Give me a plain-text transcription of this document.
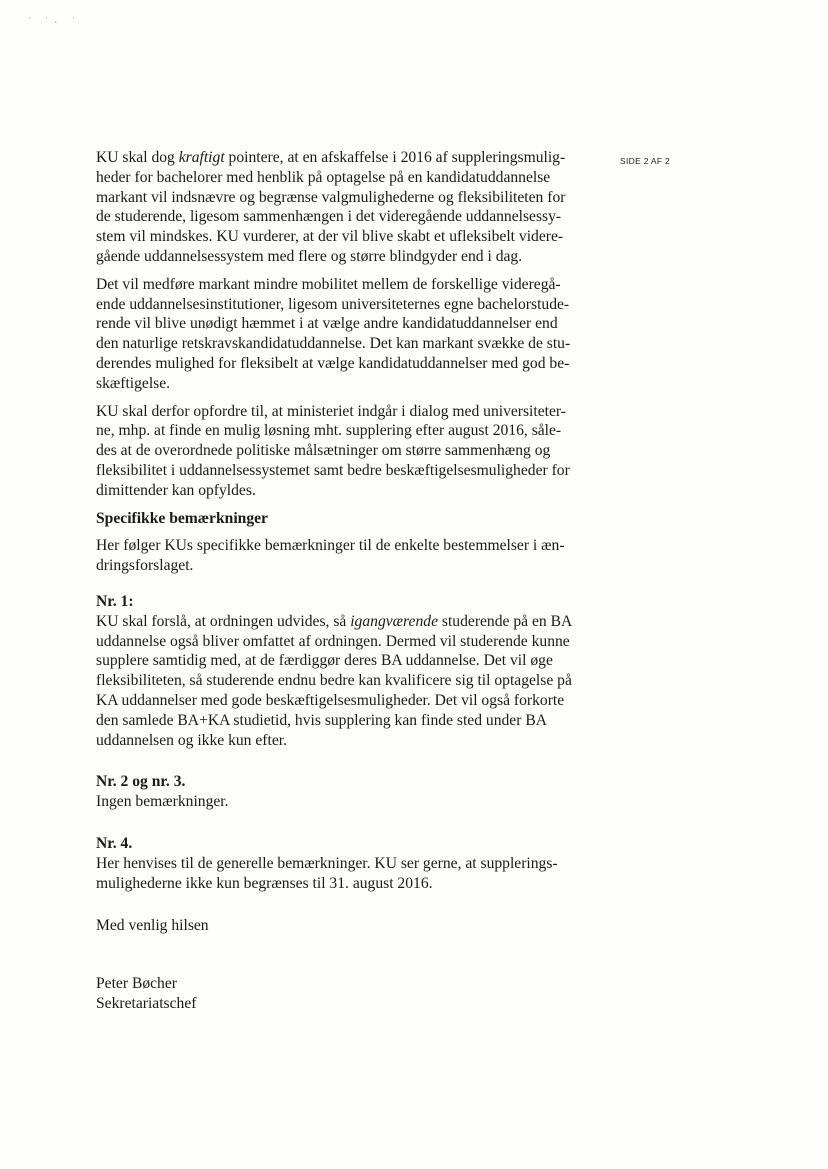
· ·˛ ·
SIDE 2 AF 2
KU skal dog kraftigt pointere, at en afskaffelse i 2016 af suppleringsmulig-
heder for bachelorer med henblik på optagelse på en kandidatuddannelse
markant vil indsnævre og begrænse valgmulighederne og fleksibiliteten for
de studerende, ligesom sammenhængen i det videregående uddannelsessy-
stem vil mindskes. KU vurderer, at der vil blive skabt et ufleksibelt videre-
gående uddannelsessystem med flere og større blindgyder end i dag.
Det vil medføre markant mindre mobilitet mellem de forskellige videregå-
ende uddannelsesinstitutioner, ligesom universiteternes egne bachelorstude-
rende vil blive unødigt hæmmet i at vælge andre kandidatuddannelser end
den naturlige retskravskandidatuddannelse. Det kan markant svække de stu-
derendes mulighed for fleksibelt at vælge kandidatuddannelser med god be-
skæftigelse.
KU skal derfor opfordre til, at ministeriet indgår i dialog med universiteter-
ne, mhp. at finde en mulig løsning mht. supplering efter august 2016, såle-
des at de overordnede politiske målsætninger om større sammenhæng og
fleksibilitet i uddannelsessystemet samt bedre beskæftigelsesmuligheder for
dimittender kan opfyldes.
Specifikke bemærkninger
Her følger KUs specifikke bemærkninger til de enkelte bestemmelser i æn-
dringsforslaget.
Nr. 1:
KU skal forslå, at ordningen udvides, så igangværende studerende på en BA
uddannelse også bliver omfattet af ordningen. Dermed vil studerende kunne
supplere samtidig med, at de færdiggør deres BA uddannelse. Det vil øge
fleksibiliteten, så studerende endnu bedre kan kvalificere sig til optagelse på
KA uddannelser med gode beskæftigelsesmuligheder. Det vil også forkorte
den samlede BA+KA studietid, hvis supplering kan finde sted under BA
uddannelsen og ikke kun efter.
Nr. 2 og nr. 3.
Ingen bemærkninger.
Nr. 4.
Her henvises til de generelle bemærkninger. KU ser gerne, at supplerings-
mulighederne ikke kun begrænses til 31. august 2016.
Med venlig hilsen
Peter Bøcher
Sekretariatschef
